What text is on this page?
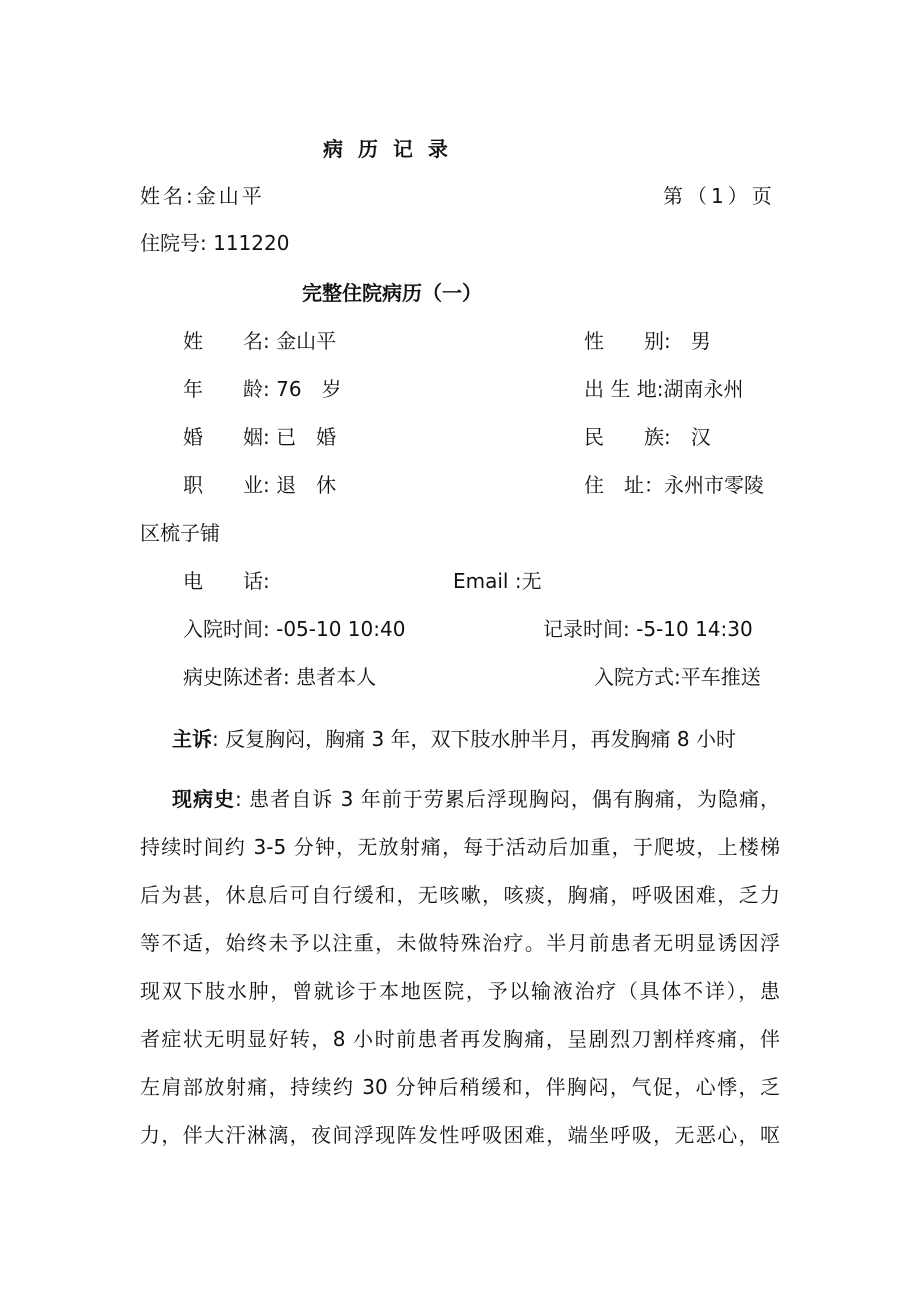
病 历 记 录
姓名:金山平	第（1）页
住院号: 111220
完整住院病历（一）
姓　　名: 金山平	性　　别:　 男
年　　龄: 76　岁	出 生 地:湖南永州
婚　　姻: 已　婚	民　　族:　 汉
职　　业: 退　休	住　址：永州市零陵
区梳子铺
电　　话:	Email :无
入院时间: -05-10 10:40	记录时间: -5-10 14:30
病史陈述者: 患者本人	入院方式:平车推送
主诉: 反复胸闷，胸痛 3 年，双下肢水肿半月，再发胸痛 8 小时
现病史: 患者自诉 3 年前于劳累后浮现胸闷，偶有胸痛，为隐痛，
持续时间约 3-5 分钟，无放射痛，每于活动后加重，于爬坡，上楼梯
后为甚，休息后可自行缓和，无咳嗽，咳痰，胸痛，呼吸困难，乏力
等不适，始终未予以注重，未做特殊治疗。半月前患者无明显诱因浮
现双下肢水肿，曾就诊于本地医院，予以输液治疗（具体不详），患
者症状无明显好转，8 小时前患者再发胸痛，呈剧烈刀割样疼痛，伴
左肩部放射痛，持续约 30 分钟后稍缓和，伴胸闷，气促，心悸，乏
力，伴大汗淋漓，夜间浮现阵发性呼吸困难，端坐呼吸，无恶心，呕
